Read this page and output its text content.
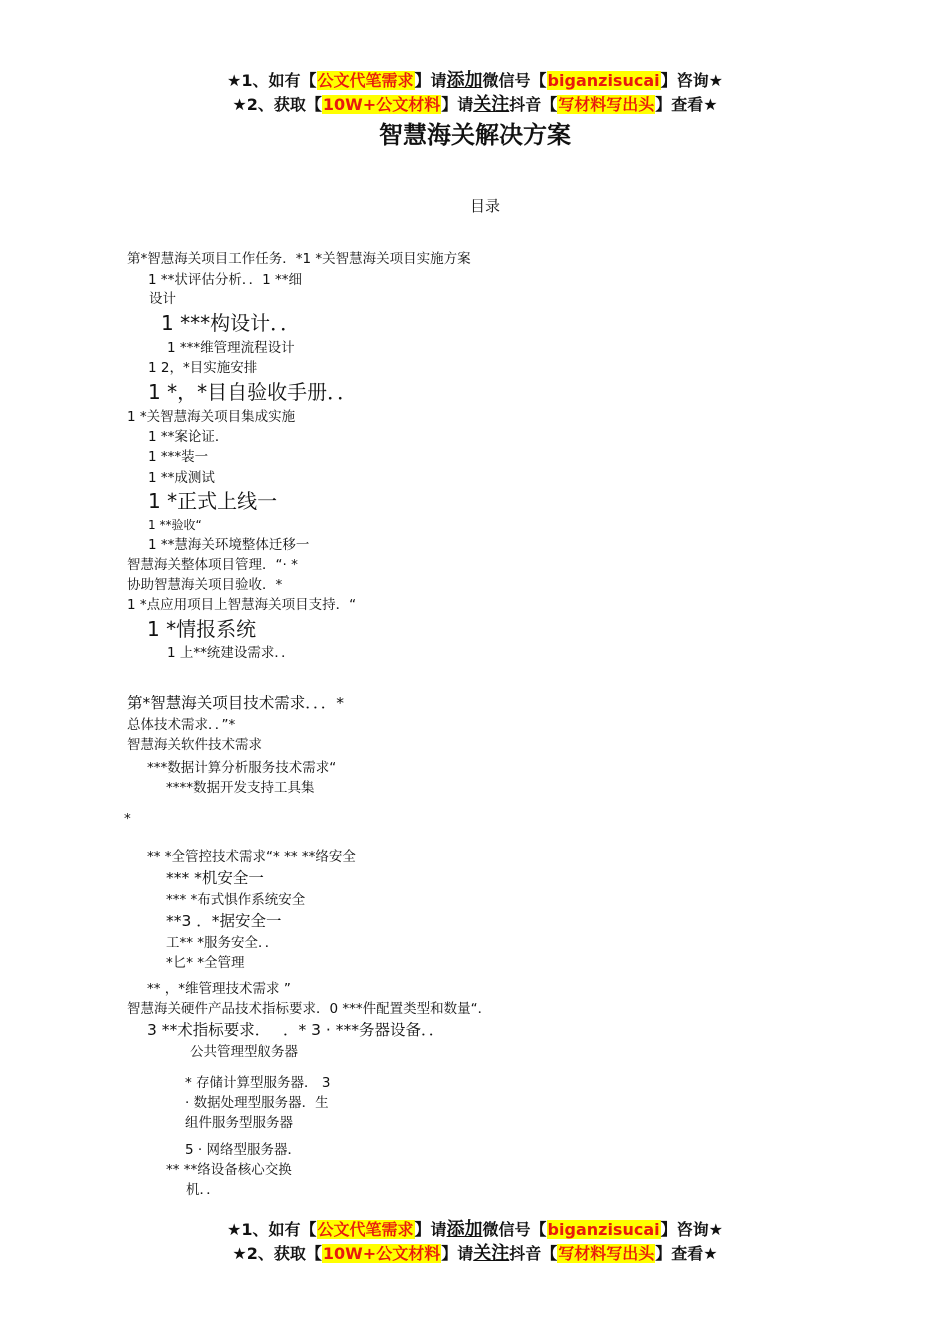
★1、如有【公文代笔需求】请添加微信号【biganzisucai】咨询★
★2、获取【10W+公文材料】请关注抖音【写材料写出头】查看★
智慧海关解决方案
目录
第*智慧海关项目工作任务．*1 *关智慧海关项目实施方案
1 **状评估分析．．1 **细
设计
1 ***构设计．．
1 ***维管理流程设计
1 2，*目实施安排
1 *，*目自验收手册．．
1 *关智慧海关项目集成实施
1 **案论证．
1 ***装一
1 **成测试
1 *正式上线一
1 **验收“
1 **慧海关环境整体迁移一
智慧海关整体项目管理．“· *
协助智慧海关项目验收．*
1 *点应用项目上智慧海关项目支持．“
1 *情报系统
1 上**统建设需求．．
第*智慧海关项目技术需求．．．*
总体技术需求．．”*
智慧海关软件技术需求
***数据计算分析服务技术需求“
****数据开发支持工具集
*
** *全管控技术需求“* ** **络安全
*** *机安全一
*** *布式惧作系统安全
**3 ．*据安全一
工** *服务安全．．
*匕* *全管理
** ，*维管理技术需求 ”
智慧海关硬件产品技术指标要求．0 ***件配置类型和数量“．
3 **术指标要求．　 ．* 3 · ***务器设备．．
公共管理型舣务器
* 存储计算型服务器． 3
· 数据处理型服务器．生
组件服务型服务器
5 · 网络型服务器．
** **络设备核心交换
机．．
★1、如有【公文代笔需求】请添加微信号【biganzisucai】咨询★
★2、获取【10W+公文材料】请关注抖音【写材料写出头】查看★
